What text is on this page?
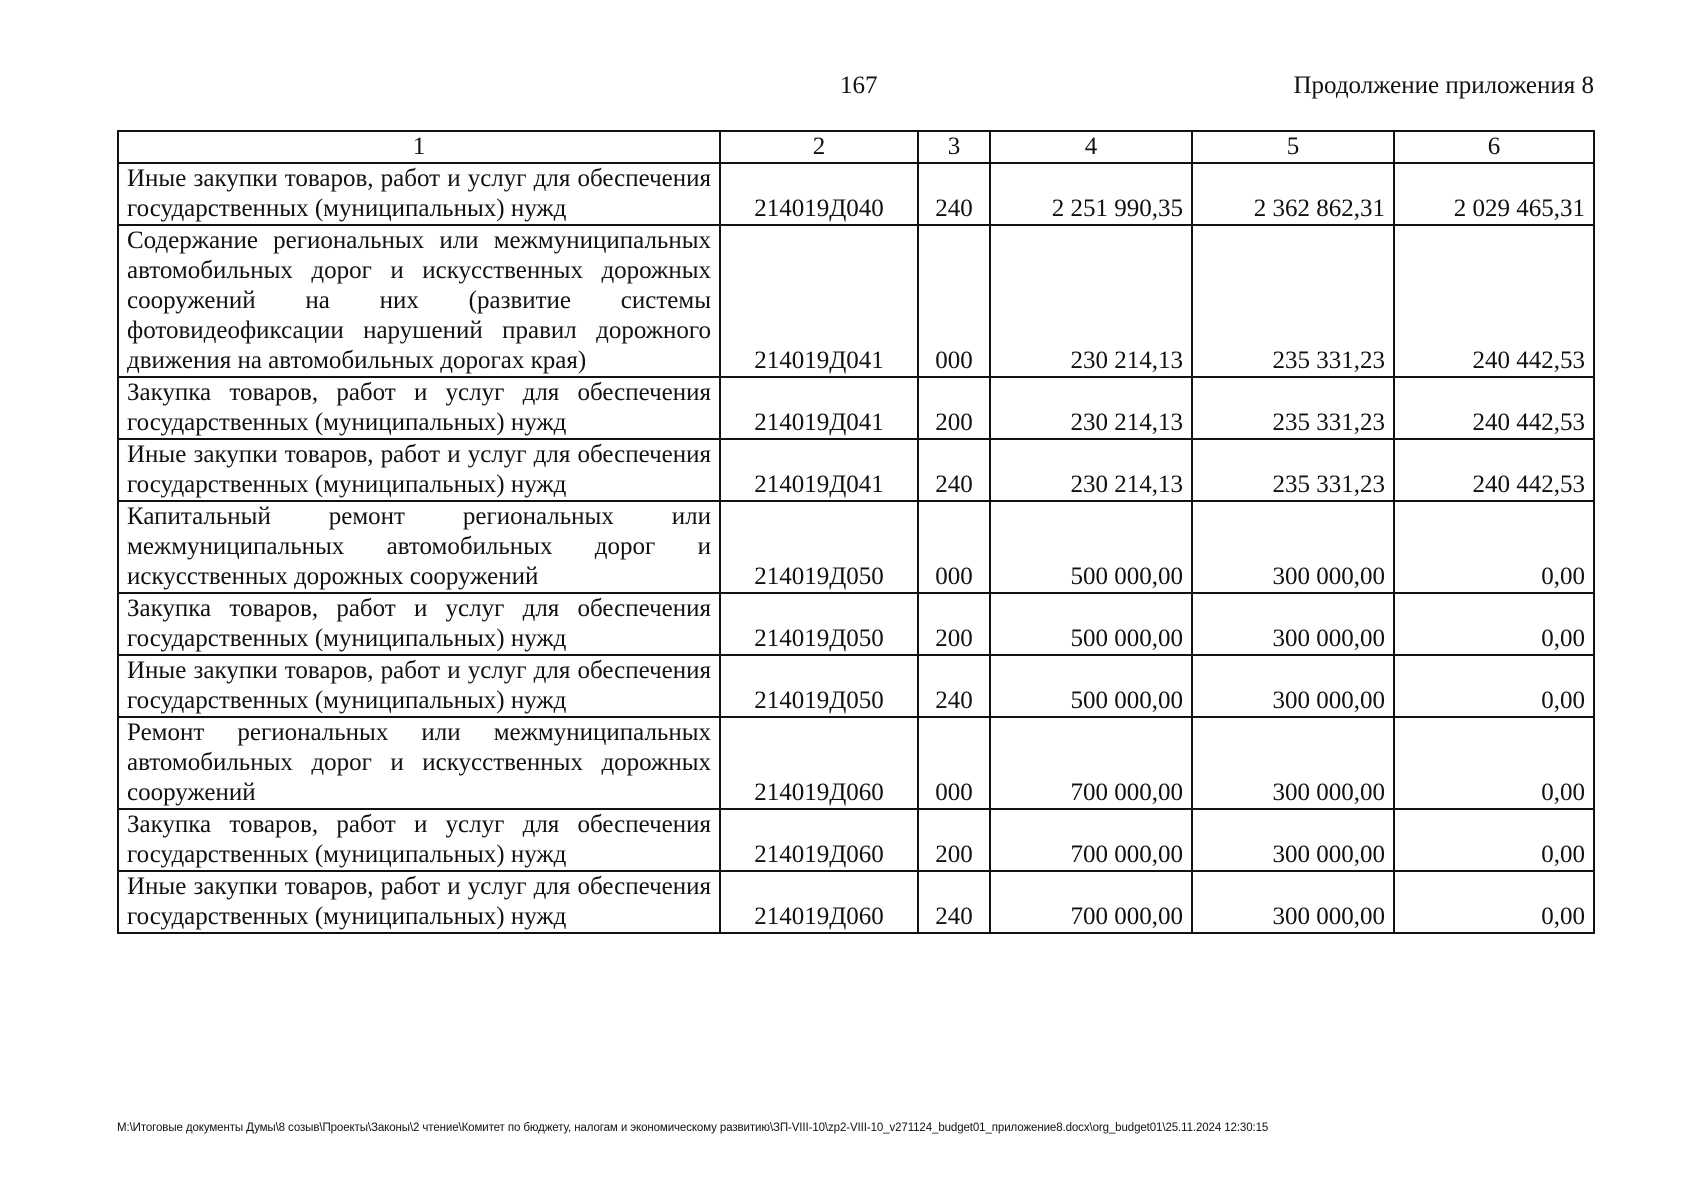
167	Продолжение приложения 8
1	2	3	4	5	6
Иные закупки товаров, работ и услуг для обеспечения государственных (муниципальных) нужд	214019Д040	240	2 251 990,35	2 362 862,31	2 029 465,31
Содержание региональных или межмуниципальных автомобильных дорог и искусственных дорожных сооружений на них (развитие системы фотовидеофиксации нарушений правил дорожного движения на автомобильных дорогах края)	214019Д041	000	230 214,13	235 331,23	240 442,53
Закупка товаров, работ и услуг для обеспечения государственных (муниципальных) нужд	214019Д041	200	230 214,13	235 331,23	240 442,53
Иные закупки товаров, работ и услуг для обеспечения государственных (муниципальных) нужд	214019Д041	240	230 214,13	235 331,23	240 442,53
Капитальный ремонт региональных или межмуниципальных автомобильных дорог и искусственных дорожных сооружений	214019Д050	000	500 000,00	300 000,00	0,00
Закупка товаров, работ и услуг для обеспечения государственных (муниципальных) нужд	214019Д050	200	500 000,00	300 000,00	0,00
Иные закупки товаров, работ и услуг для обеспечения государственных (муниципальных) нужд	214019Д050	240	500 000,00	300 000,00	0,00
Ремонт региональных или межмуниципальных автомобильных дорог и искусственных дорожных сооружений	214019Д060	000	700 000,00	300 000,00	0,00
Закупка товаров, работ и услуг для обеспечения государственных (муниципальных) нужд	214019Д060	200	700 000,00	300 000,00	0,00
Иные закупки товаров, работ и услуг для обеспечения государственных (муниципальных) нужд	214019Д060	240	700 000,00	300 000,00	0,00
M:\Итоговые документы Думы\8 созыв\Проекты\Законы\2 чтение\Комитет по бюджету, налогам и экономическому развитию\ЗП-VIII-10\zp2-VIII-10_v271124_budget01_приложение8.docx\org_budget01\25.11.2024 12:30:15
